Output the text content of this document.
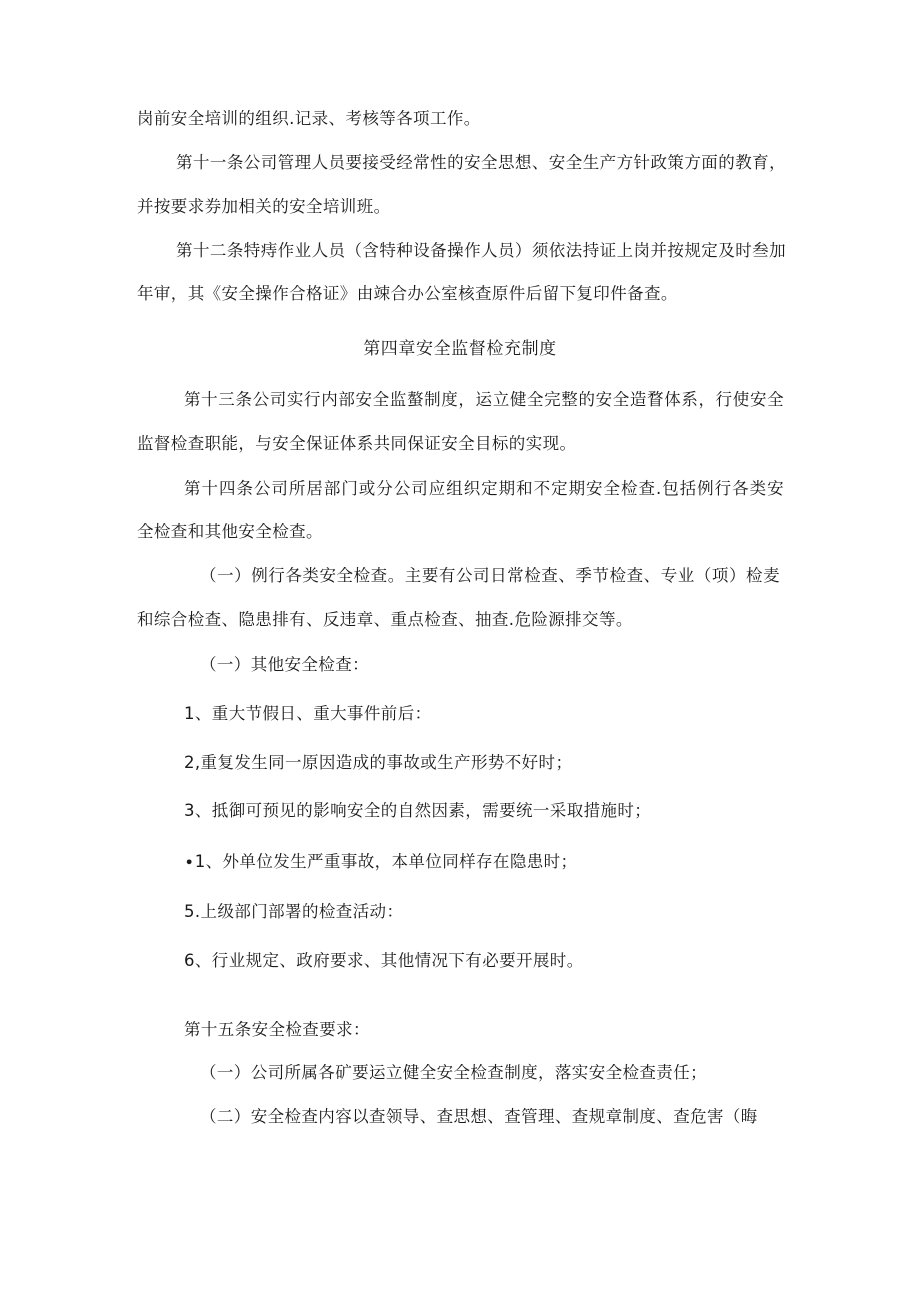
岗前安全培训的组织.记录、考核等各项工作。
第十一条公司管理人员要接受经常性的安全思想、安全生产方针政策方面的教育，
并按要求券加相关的安全培训班。
第十二条特痔作业人员（含特种设备操作人员）须依法持证上岗并按规定及时叁加
年审，其《安全操作合格证》由竦合办公室核查原件后留下复印件备查。
第四章安全监督检充制度
第十三条公司实行内部安全监螯制度，运立健全完整的安全造瞀体系，行使安全
监督检查职能，与安全保证体系共同保证安全目标的实现。
第十四条公司所居部门或分公司应组织定期和不定期安全检查.包括例行各类安
全检查和其他安全检查。
（一）例行各类安全检查。主要有公司日常检查、季节检查、专业（项）检麦
和综合检查、隐患排有、反违章、重点检查、抽查.危险源排交等。
（一）其他安全检查：
1、重大节假日、重大事件前后：
2,重复发生同一原因造成的事故或生产形势不好时；
3、抵御可预见的影响安全的自然因素，需要统一采取措施时；
∙1、外单位发生严重事故，本单位同样存在隐患时；
5.上级部门部署的检查活动：
6、行业规定、政府要求、其他情况下有必要开展时。
第十五条安全检查要求：
（一）公司所属各矿要运立健全安全检查制度，落实安全检查责任；
（二）安全检查内容以查领导、查思想、查管理、查规章制度、查危害（晦
